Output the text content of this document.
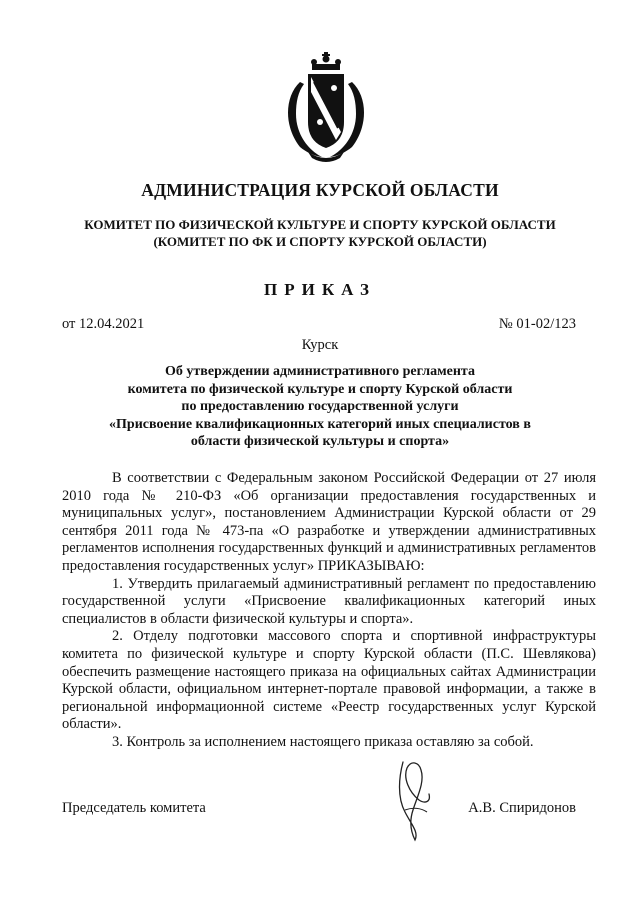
АДМИНИСТРАЦИЯ КУРСКОЙ ОБЛАСТИ
КОМИТЕТ ПО ФИЗИЧЕСКОЙ КУЛЬТУРЕ И СПОРТУ КУРСКОЙ ОБЛАСТИ
(КОМИТЕТ ПО ФК И СПОРТУ КУРСКОЙ ОБЛАСТИ)
ПРИКАЗ
от 12.04.2021	№ 01-02/123
Курск
Об утверждении административного регламента
комитета по физической культуре и спорту Курской области
по предоставлению государственной услуги
«Присвоение квалификационных категорий иных специалистов в
области физической культуры и спорта»

В соответствии с Федеральным законом Российской Федерации от 27 июля 2010 года № 210-ФЗ «Об организации предоставления государственных и муниципальных услуг», постановлением Администрации Курской области от 29 сентября 2011 года № 473-па «О разработке и утверждении административных регламентов исполнения государственных функций и административных регламентов предоставления государственных услуг» ПРИКАЗЫВАЮ:

1. Утвердить прилагаемый административный регламент по предоставлению государственной услуги «Присвоение квалификационных категорий иных специалистов в области физической культуры и спорта».

2. Отделу подготовки массового спорта и спортивной инфраструктуры комитета по физической культуре и спорту Курской области (П.С. Шевлякова) обеспечить размещение настоящего приказа на официальных сайтах Администрации Курской области, официальном интернет-портале правовой информации, а также в региональной информационной системе «Реестр государственных услуг Курской области».

3. Контроль за исполнением настоящего приказа оставляю за собой.

Председатель комитета	А.В. Спиридонов
